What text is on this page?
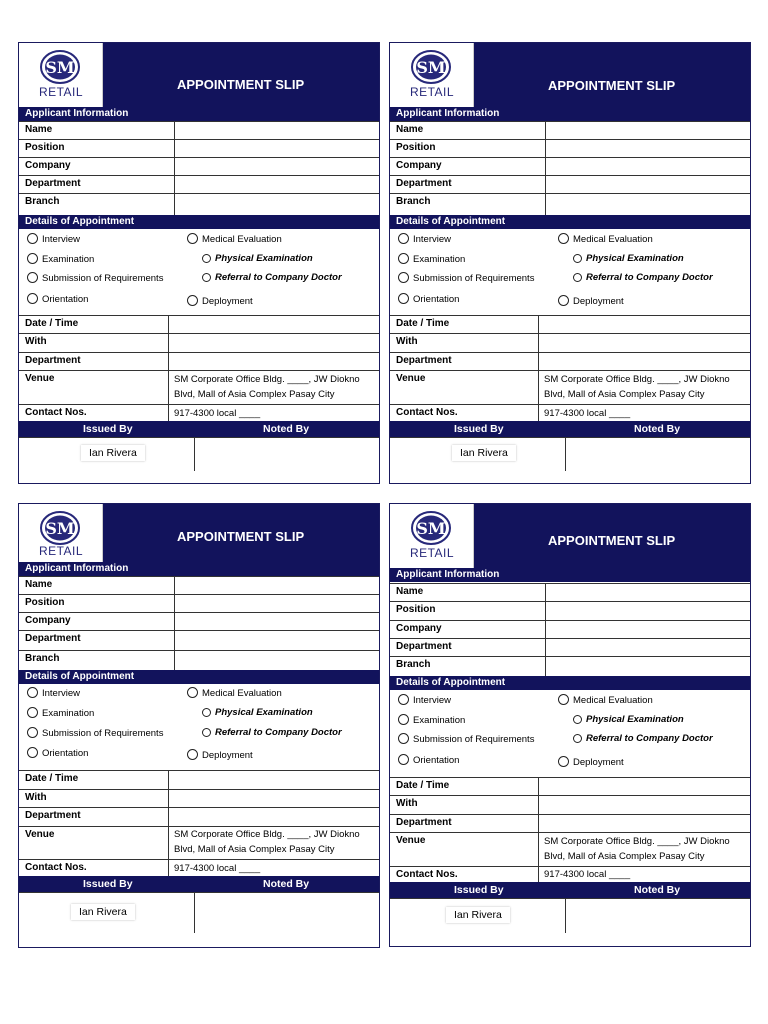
SM
RETAIL	APPOINTMENT SLIP
Applicant Information
Name
Position
Company
Department
Branch
Details of Appointment
Interview
Examination
Submission of Requirements
Orientation
Medical Evaluation
Physical Examination
Referral to Company Doctor
Deployment
Date / Time
With
Department
Venue	SM Corporate Office Bldg. ____, JW Diokno
Blvd, Mall of Asia Complex Pasay City
Contact Nos.	917-4300 local ____
Issued By	Noted By
Ian Rivera
SMRI-RecForm-004	Rev.01-03012018
SM
RETAIL	APPOINTMENT SLIP
Applicant Information
Name
Position
Company
Department
Branch
Details of Appointment
Interview
Examination
Submission of Requirements
Orientation
Medical Evaluation
Physical Examination
Referral to Company Doctor
Deployment
Date / Time
With
Department
Venue	SM Corporate Office Bldg. ____, JW Diokno
Blvd, Mall of Asia Complex Pasay City
Contact Nos.	917-4300 local ____
Issued By	Noted By
Ian Rivera
SMRI-RecForm-004	Rev.01-03012018
SM
RETAIL
APPOINTMENT SLIP
Applicant Information
Name
Position
Company
Department
Branch
Details of Appointment
Interview
Examination
Submission of Requirements
Orientation
Medical Evaluation
Physical Examination
Referral to Company Doctor
Deployment
Date / Time
With
Department
Venue	SM Corporate Office Bldg. ____, JW Diokno
Blvd, Mall of Asia Complex Pasay City
Contact Nos.	917-4300 local ____
Issued By	Noted By
Ian Rivera
SMRI-RecForm-004	Rev.01-03012018
SM
RETAIL
APPOINTMENT SLIP
Applicant Information
Name
Position
Company
Department
Branch
Details of Appointment
Interview
Examination
Submission of Requirements
Orientation
Medical Evaluation
Physical Examination
Referral to Company Doctor
Deployment
Date / Time
With
Department
Venue	SM Corporate Office Bldg. ____, JW Diokno
Blvd, Mall of Asia Complex Pasay City
Contact Nos.	917-4300 local ____
Issued By	Noted By
Ian Rivera
SMRI-RecForm-004	Rev.01-03012018
